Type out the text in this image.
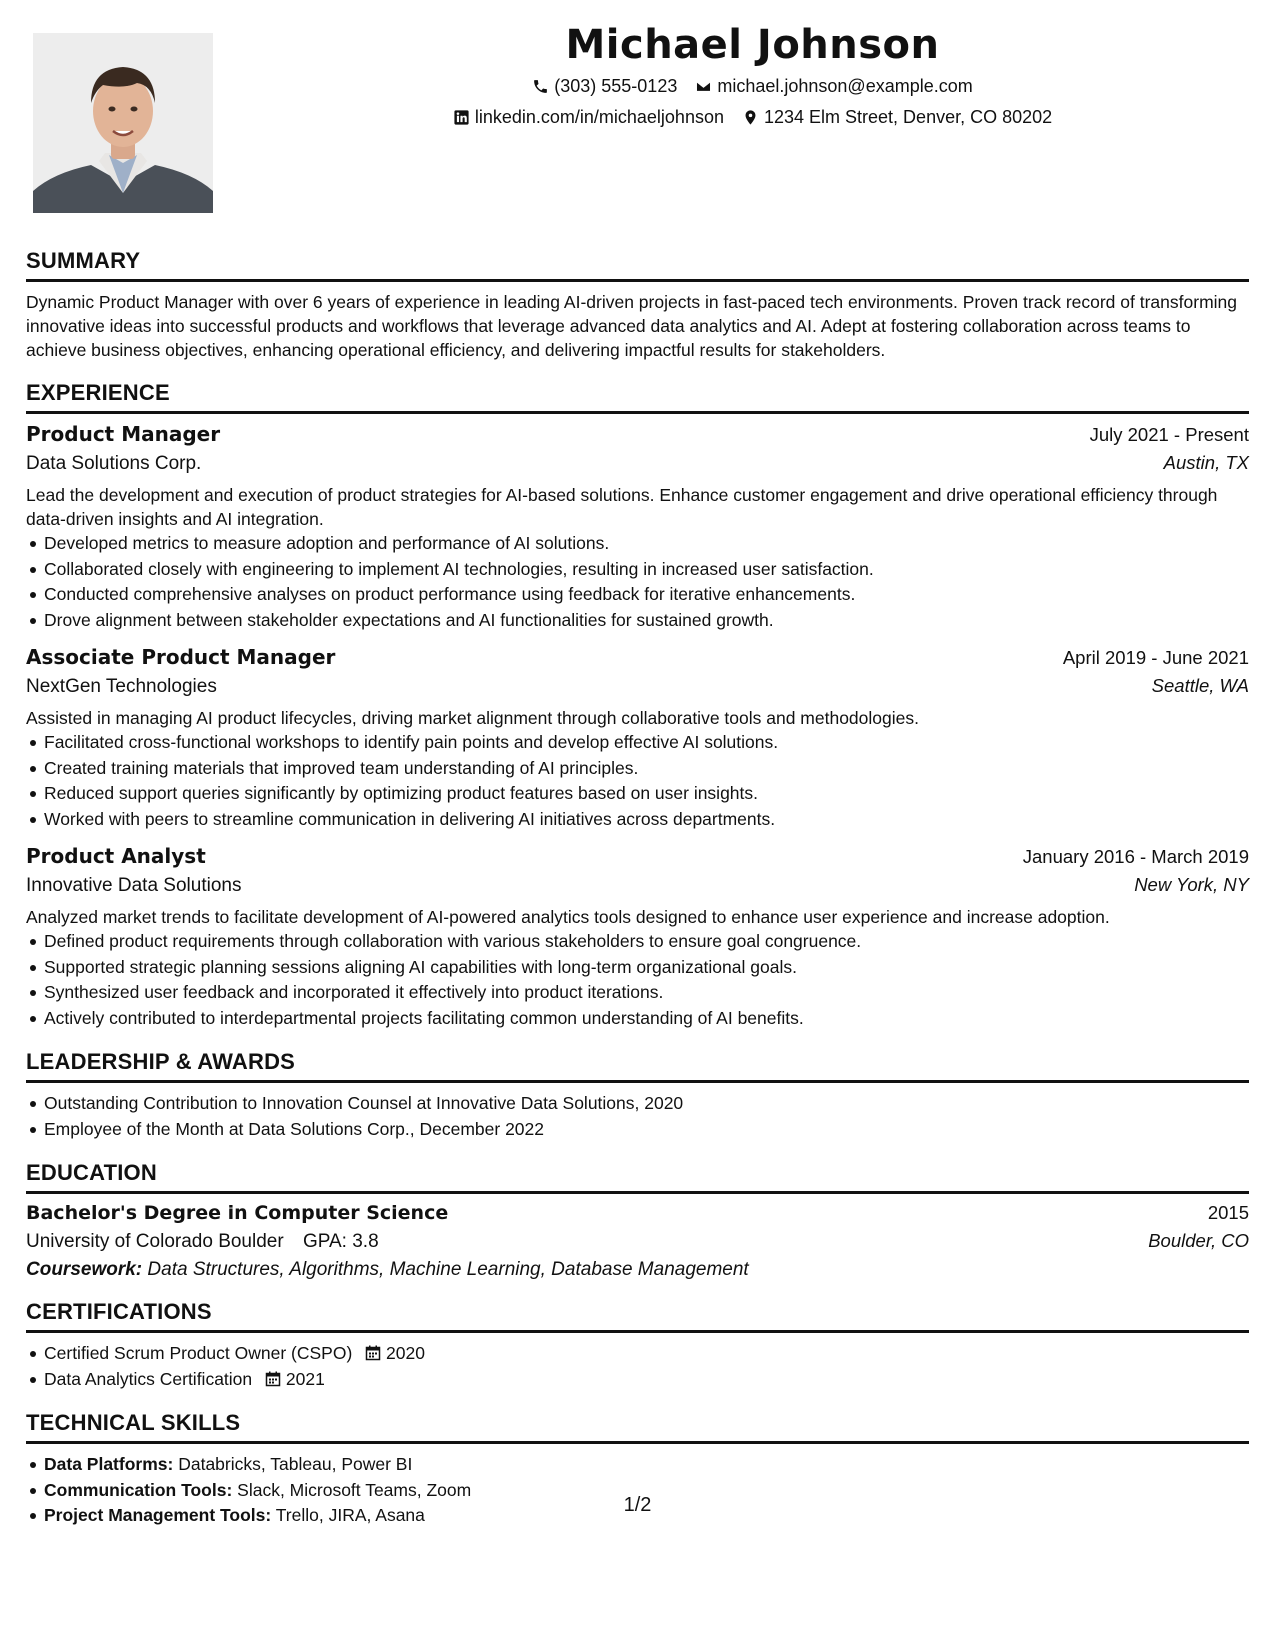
Michael Johnson
(303) 555-0123 michael.johnson@example.com
linkedin.com/in/michaeljohnson 1234 Elm Street, Denver, CO 80202
SUMMARY
Dynamic Product Manager with over 6 years of experience in leading AI-driven projects in fast-paced tech environments. Proven track record of transforming innovative ideas into successful products and workflows that leverage advanced data analytics and AI. Adept at fostering collaboration across teams to achieve business objectives, enhancing operational efficiency, and delivering impactful results for stakeholders.
EXPERIENCE
Product Manager	July 2021 - Present
Data Solutions Corp.	Austin, TX
Lead the development and execution of product strategies for AI-based solutions. Enhance customer engagement and drive operational efficiency through data-driven insights and AI integration.
Developed metrics to measure adoption and performance of AI solutions.
Collaborated closely with engineering to implement AI technologies, resulting in increased user satisfaction.
Conducted comprehensive analyses on product performance using feedback for iterative enhancements.
Drove alignment between stakeholder expectations and AI functionalities for sustained growth.
Associate Product Manager	April 2019 - June 2021
NextGen Technologies	Seattle, WA
Assisted in managing AI product lifecycles, driving market alignment through collaborative tools and methodologies.
Facilitated cross-functional workshops to identify pain points and develop effective AI solutions.
Created training materials that improved team understanding of AI principles.
Reduced support queries significantly by optimizing product features based on user insights.
Worked with peers to streamline communication in delivering AI initiatives across departments.
Product Analyst	January 2016 - March 2019
Innovative Data Solutions	New York, NY
Analyzed market trends to facilitate development of AI-powered analytics tools designed to enhance user experience and increase adoption.
Defined product requirements through collaboration with various stakeholders to ensure goal congruence.
Supported strategic planning sessions aligning AI capabilities with long-term organizational goals.
Synthesized user feedback and incorporated it effectively into product iterations.
Actively contributed to interdepartmental projects facilitating common understanding of AI benefits.
LEADERSHIP & AWARDS
Outstanding Contribution to Innovation Counsel at Innovative Data Solutions, 2020
Employee of the Month at Data Solutions Corp., December 2022
EDUCATION
Bachelor's Degree in Computer Science	2015
University of Colorado Boulder GPA: 3.8	Boulder, CO
Coursework: Data Structures, Algorithms, Machine Learning, Database Management
CERTIFICATIONS
Certified Scrum Product Owner (CSPO) 2020
Data Analytics Certification 2021
TECHNICAL SKILLS
Data Platforms: Databricks, Tableau, Power BI
Communication Tools: Slack, Microsoft Teams, Zoom
Project Management Tools: Trello, JIRA, Asana	1/2
